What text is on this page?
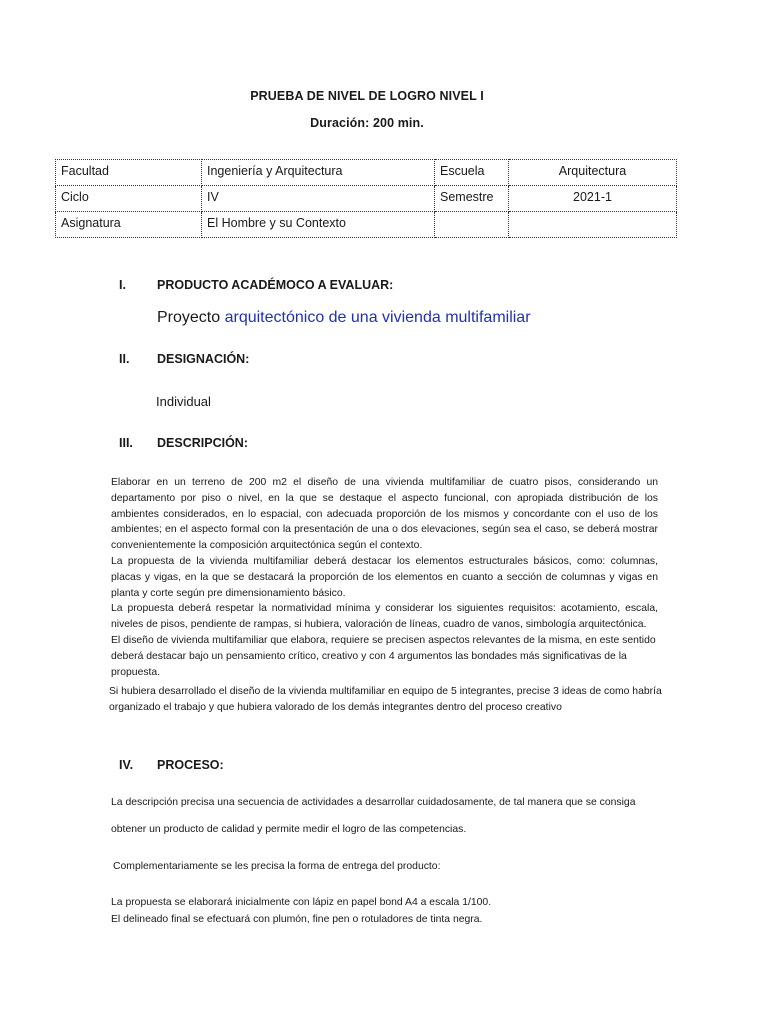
PRUEBA DE NIVEL DE LOGRO NIVEL I
Duración: 200 min.
Facultad	Ingeniería y Arquitectura	Escuela	Arquitectura
Ciclo	IV	Semestre	2021-1
Asignatura	El Hombre y su Contexto		
I.	PRODUCTO ACADÉMOCO A EVALUAR:
Proyecto arquitectónico de una vivienda multifamiliar
II.	DESIGNACIÓN:
Individual
III.	DESCRIPCIÓN:

Elaborar en un terreno de 200 m2 el diseño de una vivienda multifamiliar de cuatro pisos, considerando un departamento por piso o nivel, en la que se destaque el aspecto funcional, con apropiada distribución de los ambientes considerados, en lo espacial, con adecuada proporción de los mismos y concordante con el uso de los ambientes; en el aspecto formal con la presentación de una o dos elevaciones, según sea el caso, se deberá mostrar convenientemente la composición arquitectónica según el contexto.

La propuesta de la vivienda multifamiliar deberá destacar los elementos estructurales básicos, como: columnas, placas y vigas, en la que se destacará la proporción de los elementos en cuanto a sección de columnas y vigas en planta y corte según pre dimensionamiento básico.

La propuesta deberá respetar la normatividad mínima y considerar los siguientes requisitos: acotamiento, escala, niveles de pisos, pendiente de rampas, si hubiera, valoración de líneas, cuadro de vanos, simbología arquitectónica.

El diseño de vivienda multifamiliar que elabora, requiere se precisen aspectos relevantes de la misma, en este sentido deberá destacar bajo un pensamiento crítico, creativo y con 4 argumentos las bondades más significativas de la propuesta.

Si hubiera desarrollado el diseño de la vivienda multifamiliar en equipo de 5 integrantes, precise 3 ideas de como habría organizado el trabajo y que hubiera valorado de los demás integrantes dentro del proceso creativo

IV.	PROCESO:
La descripción precisa una secuencia de actividades a desarrollar cuidadosamente, de tal manera que se consiga
obtener un producto de calidad y permite medir el logro de las competencias.
Complementariamente se les precisa la forma de entrega del producto:
La propuesta se elaborará inicialmente con lápiz en papel bond A4 a escala 1/100.
El delineado final se efectuará con plumón, fine pen o rotuladores de tinta negra.
